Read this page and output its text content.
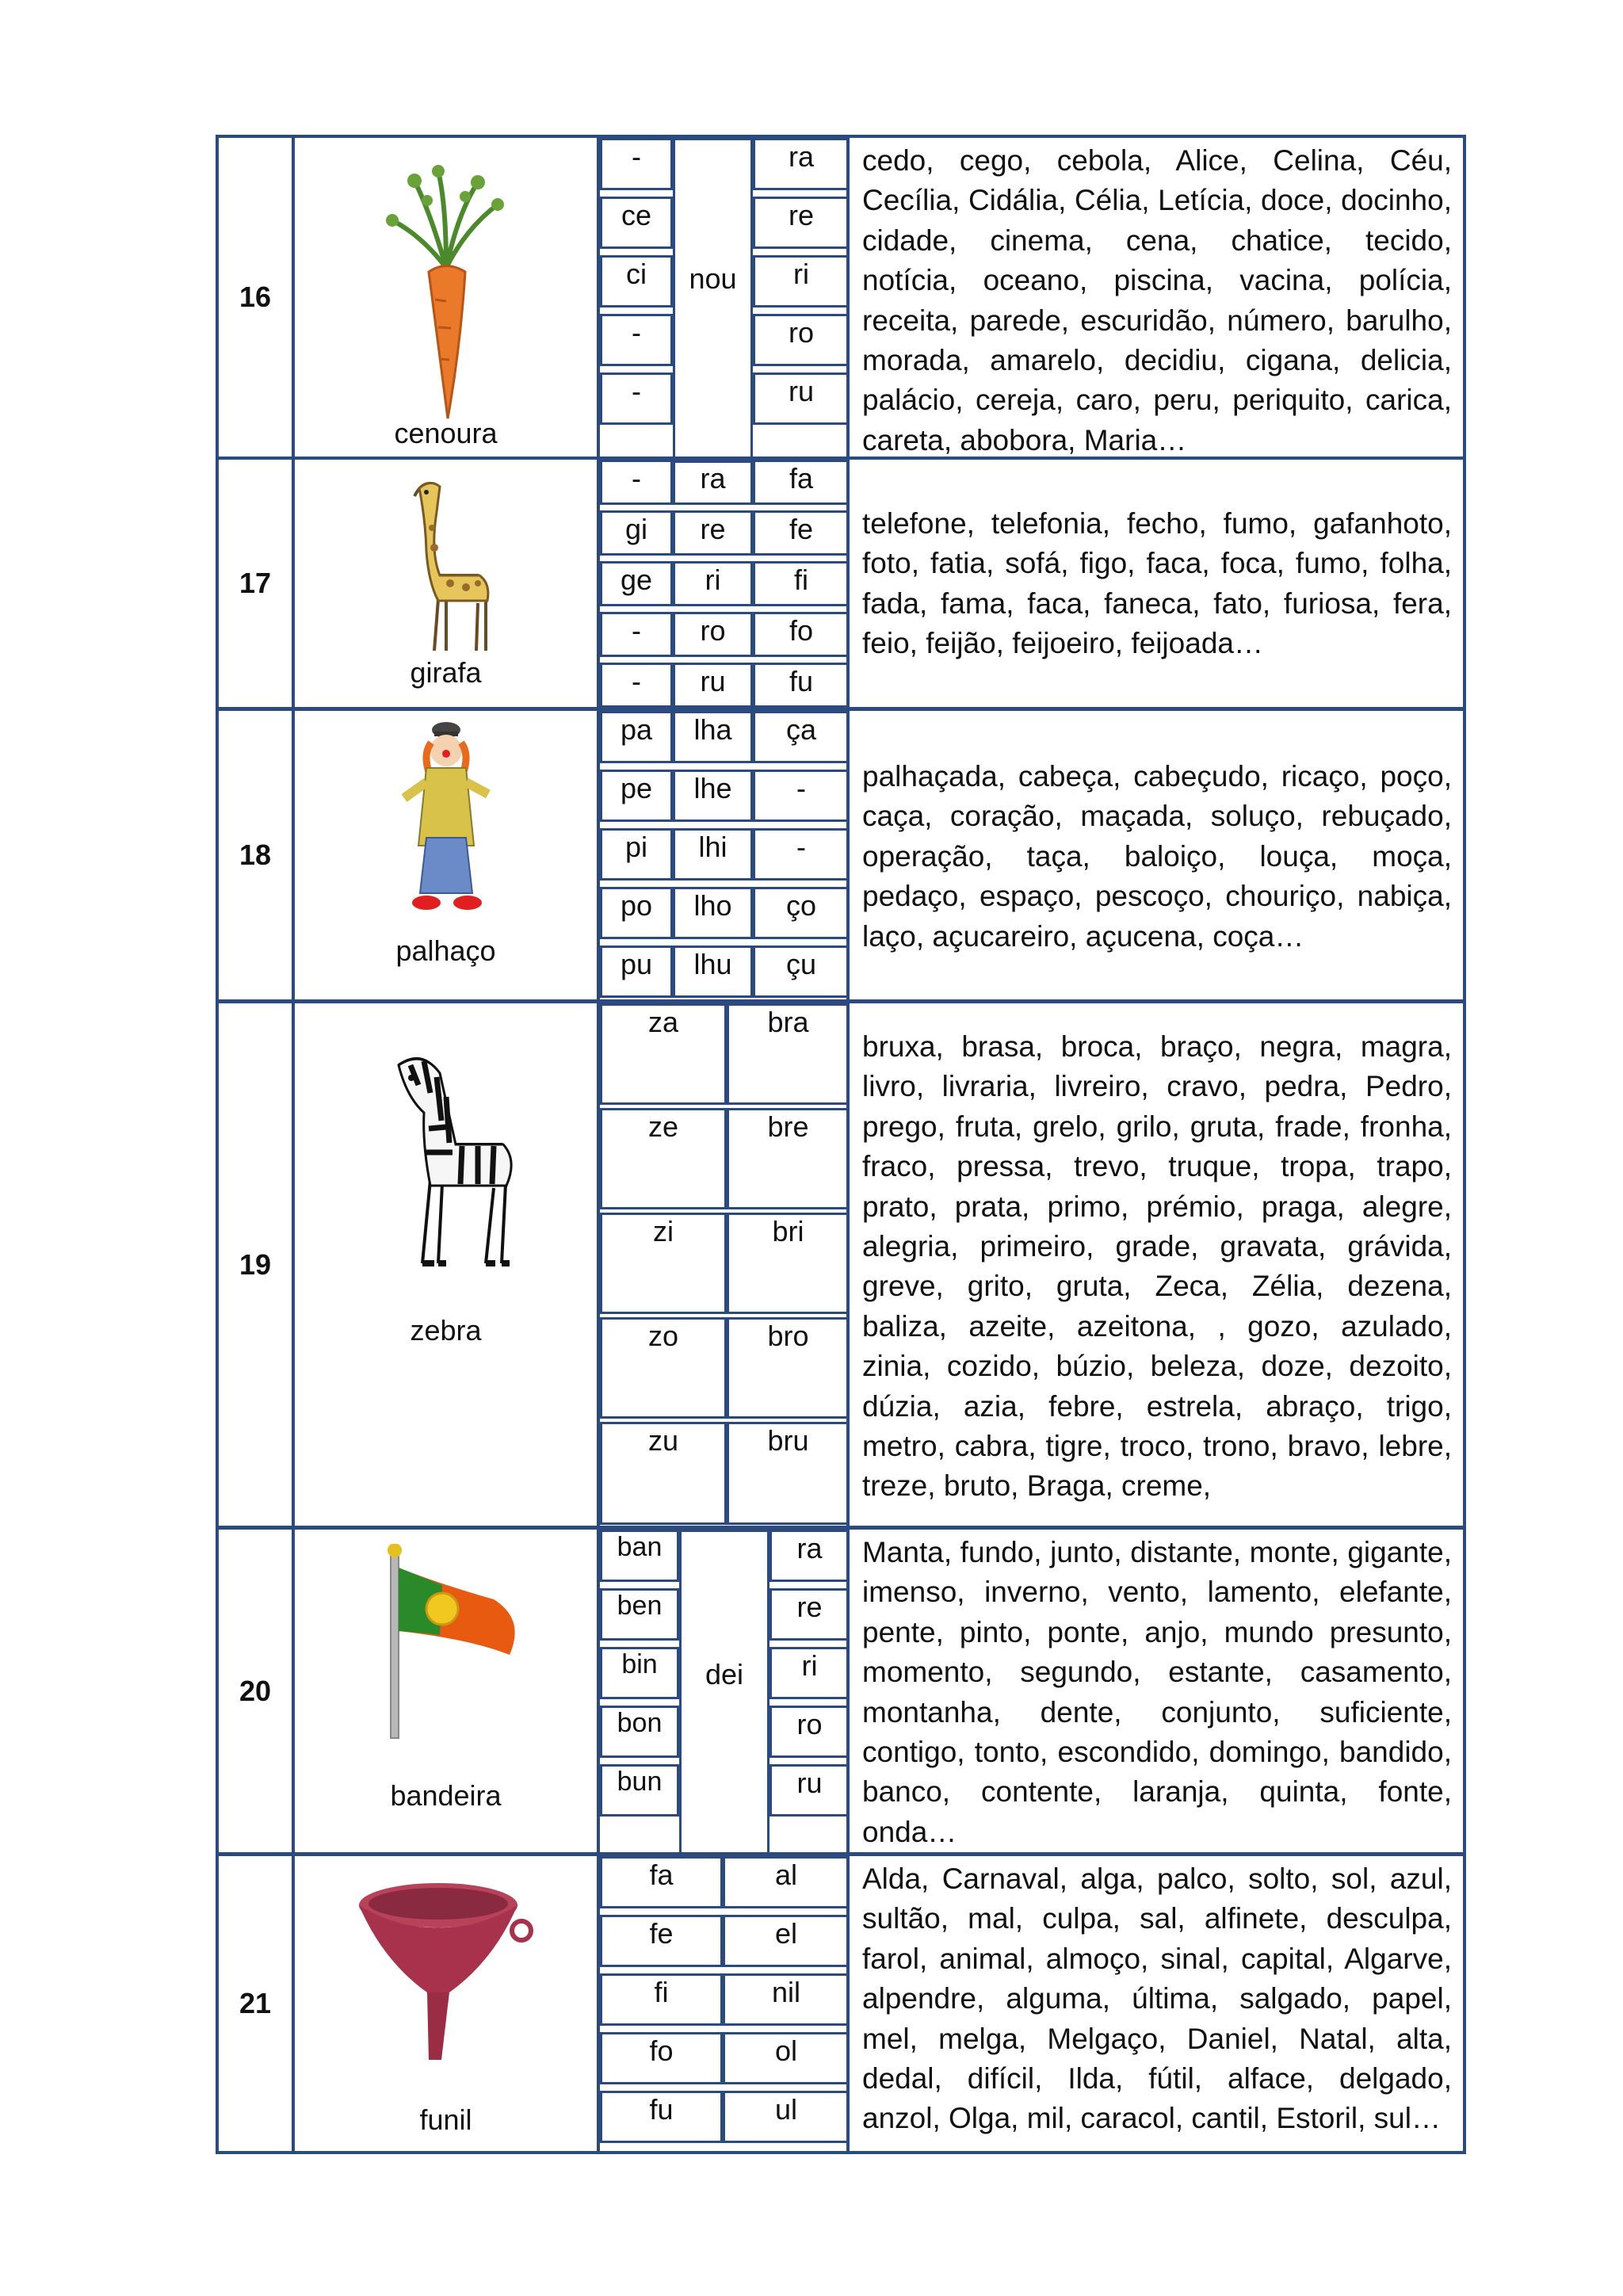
16
cenoura
-
ce
ci
-
-
nou
ra
re
ri
ro
ru

cedo, cego, cebola, Alice, Celina, Céu, Cecília, Cidália, Célia, Letícia, doce, docinho, cidade, cinema, cena, chatice, tecido, notícia, oceano, piscina, vacina, polícia, receita, parede, escuridão, número, barulho, morada, amarelo, decidiu, cigana, delicia, palácio, cereja, caro, peru, periquito, carica, careta, abobora, Maria…

17
girafa
-
gi
ge
-
-
ra
re
ri
ro
ru
fa
fe
fi
fo
fu

telefone, telefonia, fecho, fumo, gafanhoto, foto, fatia, sofá, figo, faca, foca, fumo, folha, fada, fama, faca, faneca, fato, furiosa, fera, feio, feijão, feijoeiro, feijoada…

18
palhaço
pa
pe
pi
po
pu
lha
lhe
lhi
lho
lhu
ça
-
-
ço
çu

palhaçada, cabeça, cabeçudo, ricaço, poço, caça, coração, maçada, soluço, rebuçado, operação, taça, baloiço, louça, moça, pedaço, espaço, pescoço, chouriço, nabiça, laço, açucareiro, açucena, coça…

19
zebra
za
ze
zi
zo
zu
bra
bre
bri
bro
bru

bruxa, brasa, broca, braço, negra, magra, livro, livraria, livreiro, cravo, pedra, Pedro, prego, fruta, grelo, grilo, gruta, frade, fronha, fraco, pressa, trevo, truque, tropa, trapo, prato, prata, primo, prémio, praga, alegre, alegria, primeiro, grade, gravata, grávida, greve, grito, gruta, Zeca, Zélia, dezena, baliza, azeite, azeitona, , gozo, azulado, zinia, cozido, búzio, beleza, doze, dezoito, dúzia, azia, febre, estrela, abraço, trigo, metro, cabra, tigre, troco, trono, bravo, lebre, treze, bruto, Braga, creme,

20
bandeira
ban
ben
bin
bon
bun
dei
ra
re
ri
ro
ru

Manta, fundo, junto, distante, monte, gigante, imenso, inverno, vento, lamento, elefante, pente, pinto, ponte, anjo, mundo presunto, momento, segundo, estante, casamento, montanha, dente, conjunto, suficiente, contigo, tonto, escondido, domingo, bandido, banco, contente, laranja, quinta, fonte, onda…

21
funil
fa
fe
fi
fo
fu
al
el
nil
ol
ul

Alda, Carnaval, alga, palco, solto, sol, azul, sultão, mal, culpa, sal, alfinete, desculpa, farol, animal, almoço, sinal, capital, Algarve, alpendre, alguma, última, salgado, papel, mel, melga, Melgaço, Daniel, Natal, alta, dedal, difícil, Ilda, fútil, alface, delgado, anzol, Olga, mil, caracol, cantil, Estoril, sul…
